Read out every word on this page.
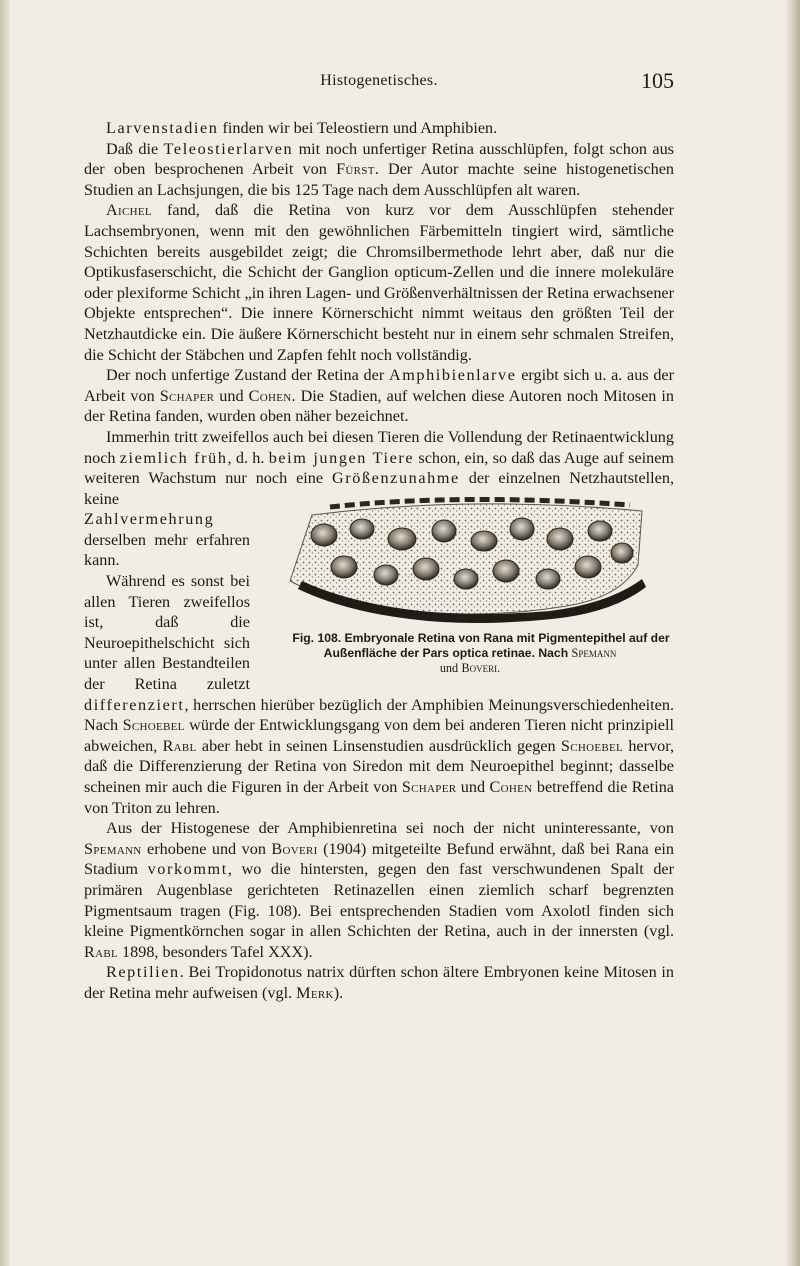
Histogenetisches.	105

Larvenstadien finden wir bei Teleostiern und Amphibien.

Daß die Teleostierlarven mit noch unfertiger Retina ausschlüpfen, folgt schon aus der oben besprochenen Arbeit von Fürst. Der Autor machte seine histogenetischen Studien an Lachsjungen, die bis 125 Tage nach dem Ausschlüpfen alt waren.

Aichel fand, daß die Retina von kurz vor dem Ausschlüpfen stehender Lachsembryonen, wenn mit den gewöhnlichen Färbemitteln tingiert wird, sämtliche Schichten bereits ausgebildet zeigt; die Chromsilbermethode lehrt aber, daß nur die Optikusfaserschicht, die Schicht der Ganglion opticum-Zellen und die innere molekuläre oder plexiforme Schicht „in ihren Lagen- und Größenverhältnissen der Retina erwachsener Objekte entsprechen“. Die innere Körnerschicht nimmt weitaus den größten Teil der Netzhautdicke ein. Die äußere Körnerschicht besteht nur in einem sehr schmalen Streifen, die Schicht der Stäbchen und Zapfen fehlt noch vollständig.

Der noch unfertige Zustand der Retina der Amphibienlarve ergibt sich u. a. aus der Arbeit von Schaper und Cohen. Die Stadien, auf welchen diese Autoren noch Mitosen in der Retina fanden, wurden oben näher bezeichnet.

Immerhin tritt zweifellos auch bei diesen Tieren die Vollendung der Retinaentwicklung noch ziemlich früh, d. h. beim jungen Tiere schon, ein, so daß das Auge auf seinem weiteren Wachstum nur noch eine
Fig. 108. Embryonale Retina von Rana mit Pigmentepithel auf der Außenfläche der Pars optica retinae. Nach Spemann
und Boveri.
Größenzunahme der einzelnen Netzhautstellen, keine Zahlvermehrung derselben mehr erfahren kann.

Während es sonst bei allen Tieren zweifellos ist, daß die Neuroepithelschicht sich unter allen Bestandteilen der Retina zuletzt differenziert, herrschen hierüber bezüglich der Amphibien Meinungsverschiedenheiten. Nach Schoebel würde der Entwicklungsgang von dem bei anderen Tieren nicht prinzipiell abweichen, Rabl aber hebt in seinen Linsenstudien ausdrücklich gegen Schoebel hervor, daß die Differenzierung der Retina von Siredon mit dem Neuroepithel beginnt; dasselbe scheinen mir auch die Figuren in der Arbeit von Schaper und Cohen betreffend die Retina von Triton zu lehren.

Aus der Histogenese der Amphibienretina sei noch der nicht uninteressante, von Spemann erhobene und von Boveri (1904) mitgeteilte Befund erwähnt, daß bei Rana ein Stadium vorkommt, wo die hintersten, gegen den fast verschwundenen Spalt der primären Augenblase gerichteten Retinazellen einen ziemlich scharf begrenzten Pigmentsaum tragen (Fig. 108). Bei entsprechenden Stadien vom Axolotl finden sich kleine Pigmentkörnchen sogar in allen Schichten der Retina, auch in der innersten (vgl. Rabl 1898, besonders Tafel XXX).

Reptilien. Bei Tropidonotus natrix dürften schon ältere Embryonen keine Mitosen in der Retina mehr aufweisen (vgl. Merk).
